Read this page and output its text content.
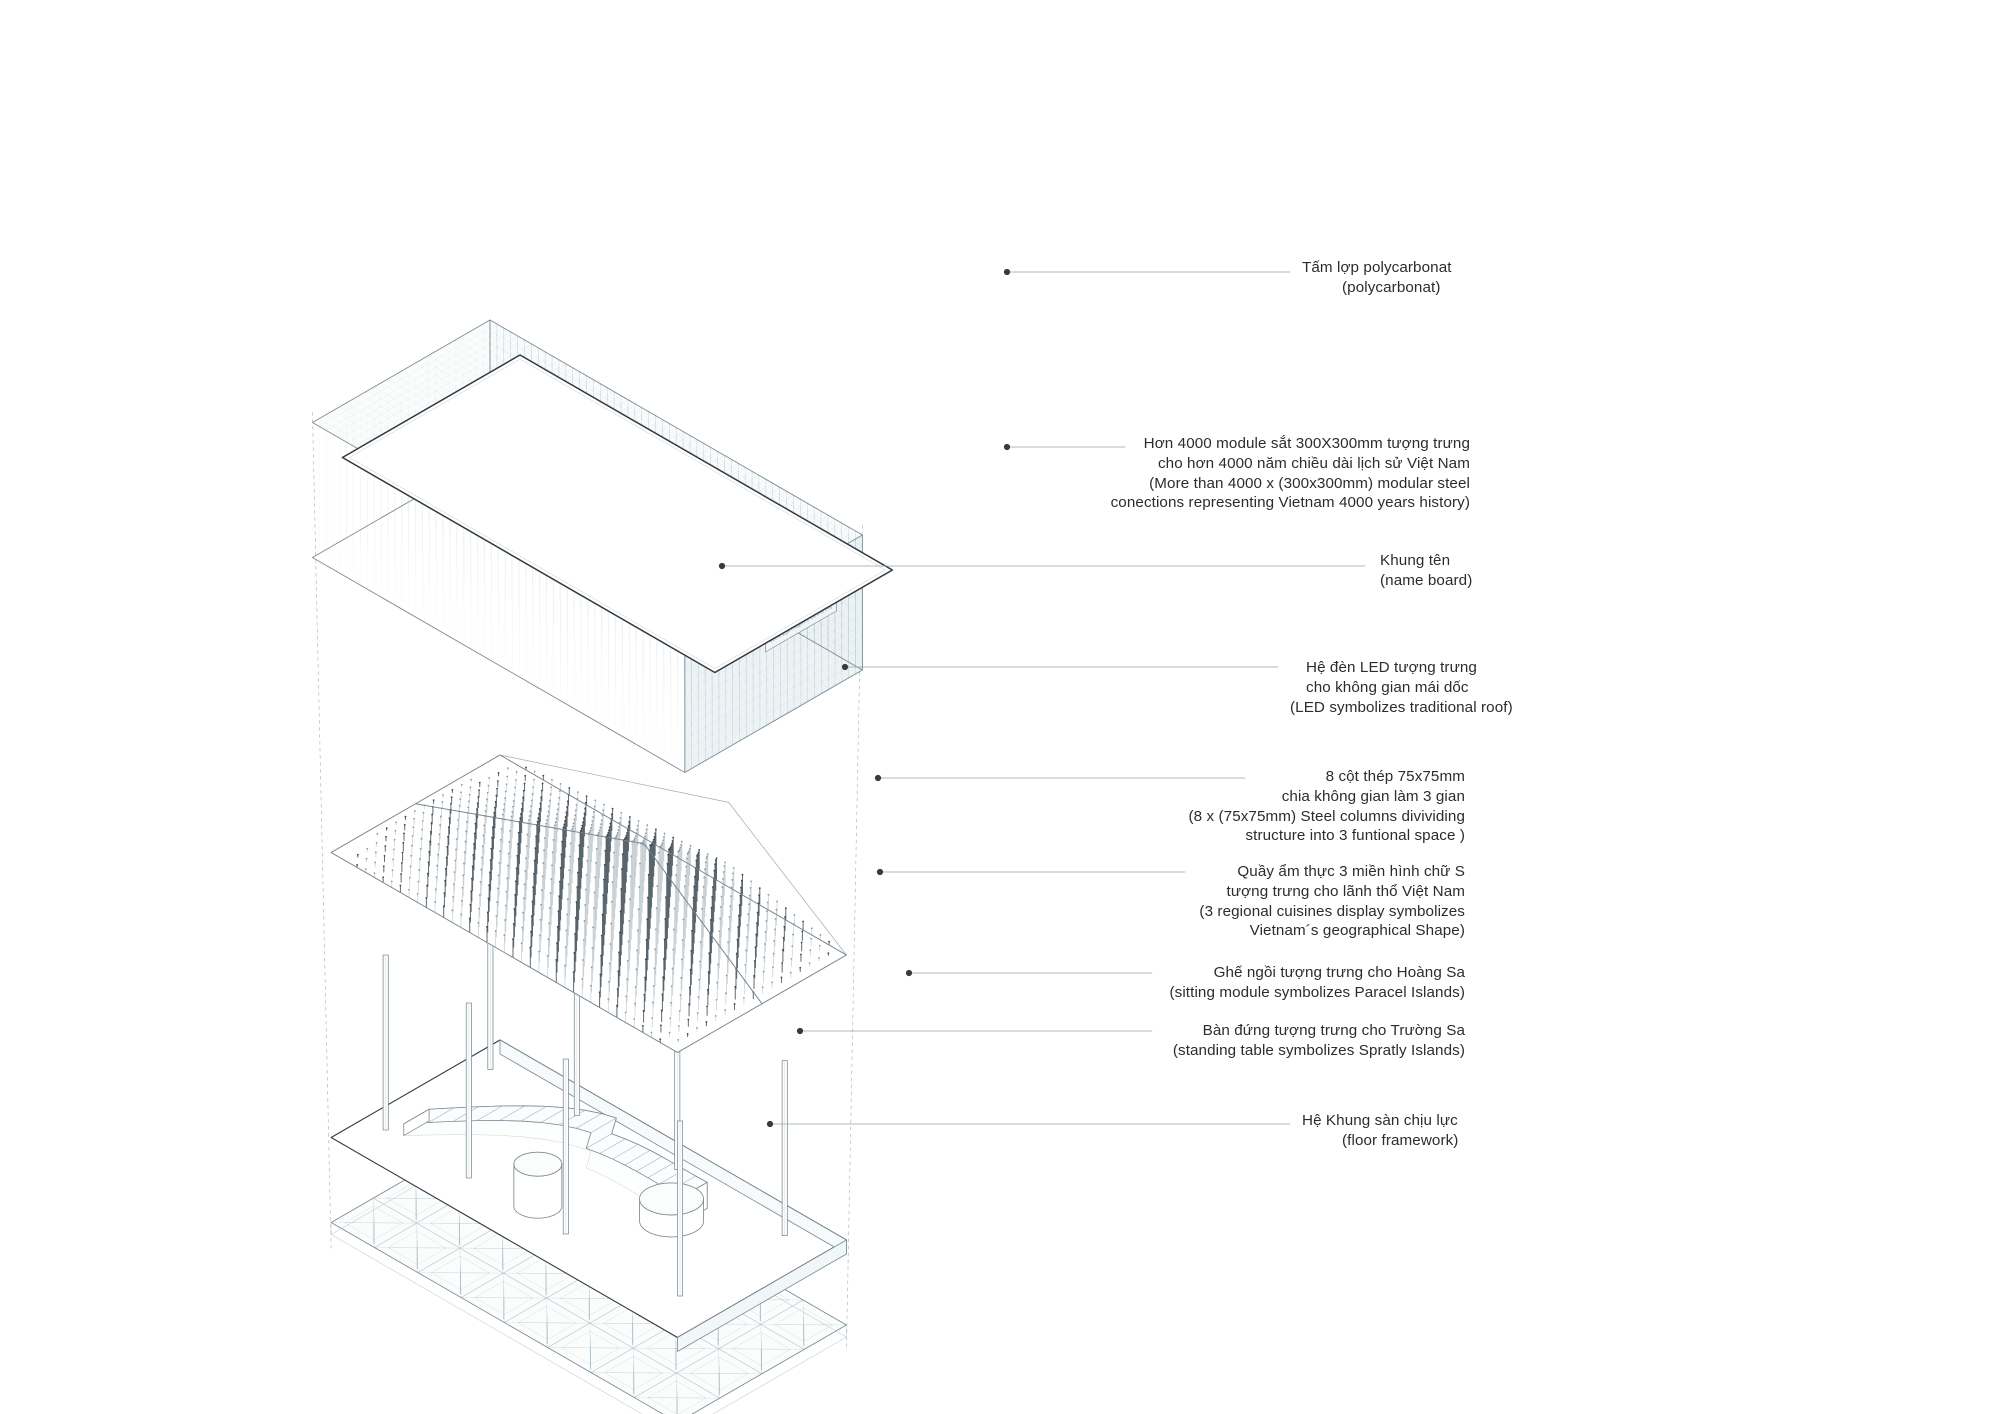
Tấm lợp polycarbonat
(polycarbonat)
Hơn 4000 module sắt 300X300mm tượng trưng
cho hơn 4000 năm chiều dài lịch sử Việt Nam
(More than 4000 x (300x300mm) modular steel
conections representing Vietnam 4000 years history)
Khung tên
(name board)
Hệ đèn LED tượng trưng
cho không gian mái dốc
(LED symbolizes traditional roof)
8 cột thép 75x75mm
chia không gian làm 3 gian
(8 x (75x75mm) Steel columns divividing
structure into 3 funtional space )
Quầy ẩm thực 3 miền hình chữ S
tượng trưng cho lãnh thổ Việt Nam
(3 regional cuisines display symbolizes
Vietnam´s geographical Shape)
Ghế ngồi tượng trưng cho Hoàng Sa
(sitting module symbolizes Paracel Islands)
Bàn đứng tượng trưng cho Trường Sa
(standing table symbolizes Spratly Islands)
Hệ Khung sàn chịu lực
(floor framework)
